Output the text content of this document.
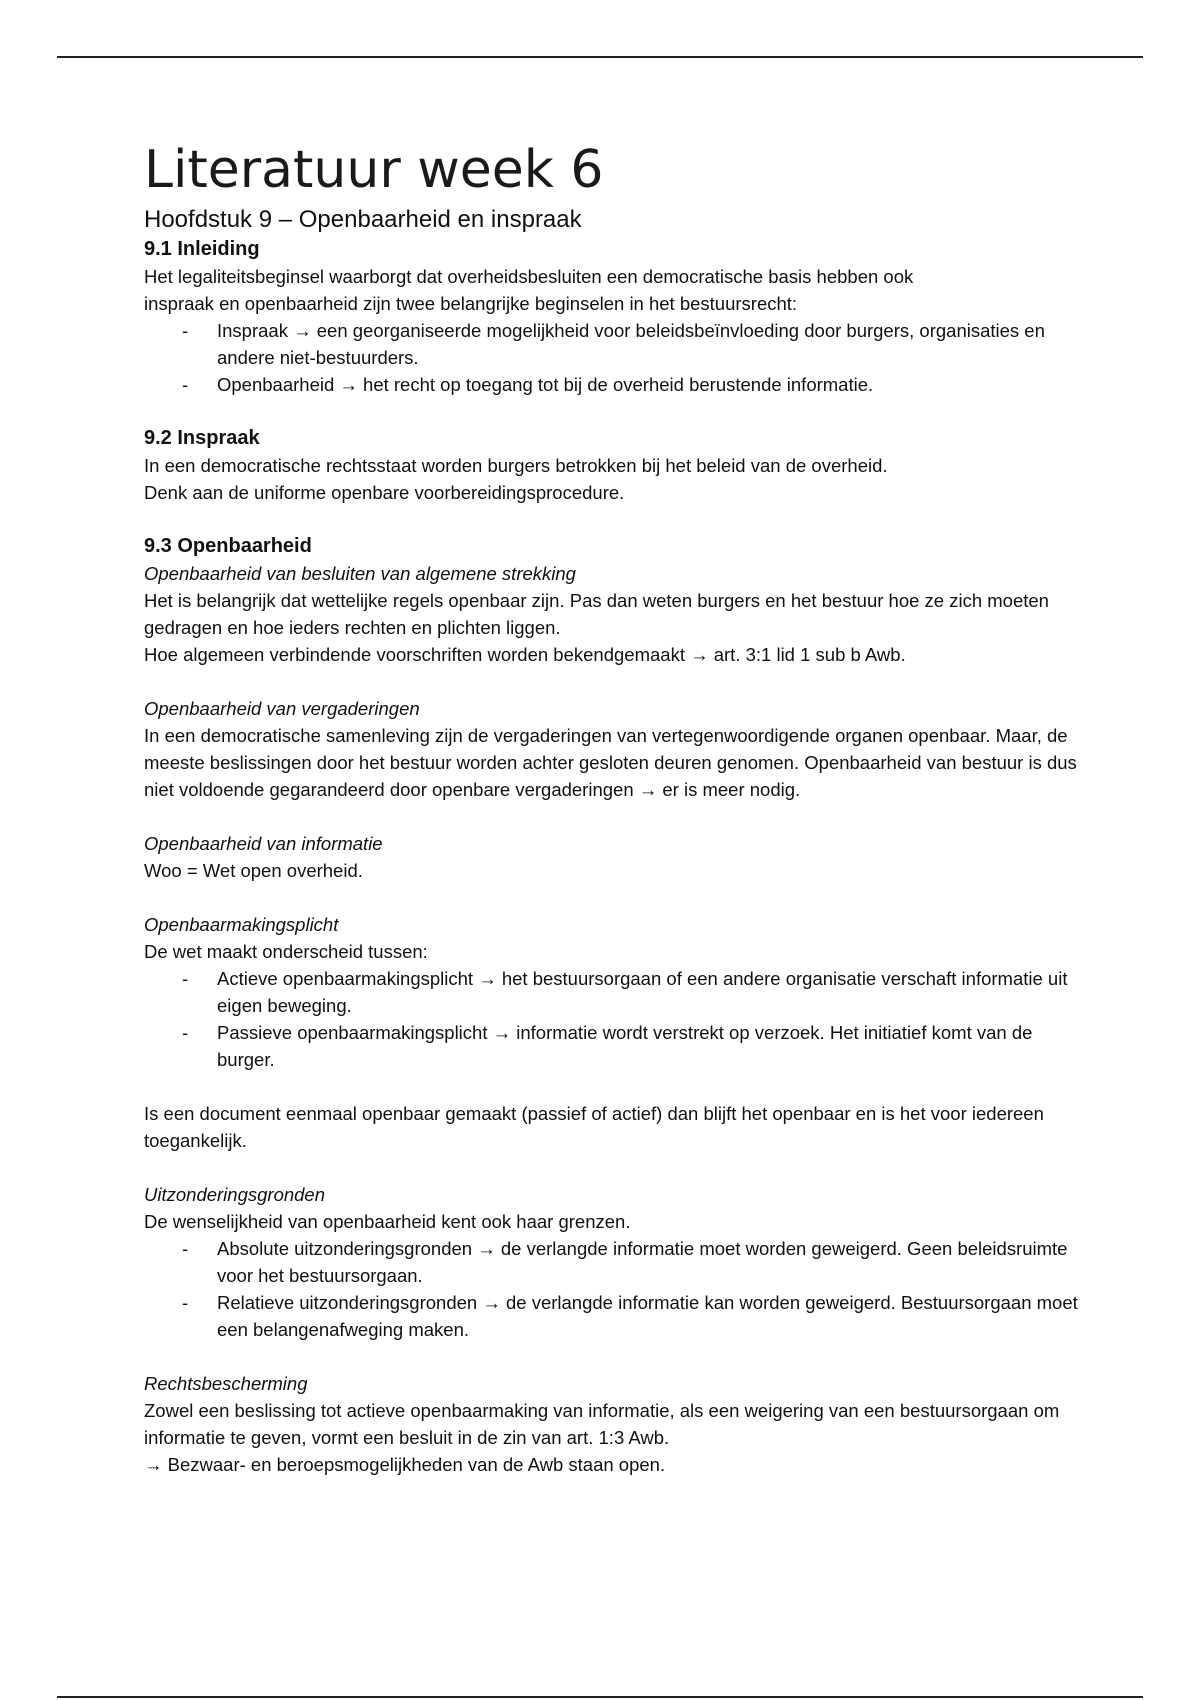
Literatuur week 6
Hoofdstuk 9 – Openbaarheid en inspraak
9.1 Inleiding

Het legaliteitsbeginsel waarborgt dat overheidsbesluiten een democratische basis hebben ook

inspraak en openbaarheid zijn twee belangrijke beginselen in het bestuursrecht:

- Inspraak → een georganiseerde mogelijkheid voor beleidsbeïnvloeding door burgers, organisaties en andere niet-bestuurders.
- Openbaarheid → het recht op toegang tot bij de overheid berustende informatie.
9.2 Inspraak

In een democratische rechtsstaat worden burgers betrokken bij het beleid van de overheid.

Denk aan de uniforme openbare voorbereidingsprocedure.

9.3 Openbaarheid

Openbaarheid van besluiten van algemene strekking

Het is belangrijk dat wettelijke regels openbaar zijn. Pas dan weten burgers en het bestuur hoe ze zich moeten gedragen en hoe ieders rechten en plichten liggen.

Hoe algemeen verbindende voorschriften worden bekendgemaakt → art. 3:1 lid 1 sub b Awb.

Openbaarheid van vergaderingen

In een democratische samenleving zijn de vergaderingen van vertegenwoordigende organen openbaar. Maar, de meeste beslissingen door het bestuur worden achter gesloten deuren genomen. Openbaarheid van bestuur is dus niet voldoende gegarandeerd door openbare vergaderingen → er is meer nodig.

Openbaarheid van informatie

Woo = Wet open overheid.

Openbaarmakingsplicht

De wet maakt onderscheid tussen:

- Actieve openbaarmakingsplicht → het bestuursorgaan of een andere organisatie verschaft informatie uit eigen beweging.
- Passieve openbaarmakingsplicht → informatie wordt verstrekt op verzoek. Het initiatief komt van de burger.

Is een document eenmaal openbaar gemaakt (passief of actief) dan blijft het openbaar en is het voor iedereen toegankelijk.

Uitzonderingsgronden

De wenselijkheid van openbaarheid kent ook haar grenzen.

- Absolute uitzonderingsgronden → de verlangde informatie moet worden geweigerd. Geen beleidsruimte voor het bestuursorgaan.
- Relatieve uitzonderingsgronden → de verlangde informatie kan worden geweigerd. Bestuursorgaan moet een belangenafweging maken.

Rechtsbescherming

Zowel een beslissing tot actieve openbaarmaking van informatie, als een weigering van een bestuursorgaan om informatie te geven, vormt een besluit in de zin van art. 1:3 Awb.

→ Bezwaar- en beroepsmogelijkheden van de Awb staan open.
